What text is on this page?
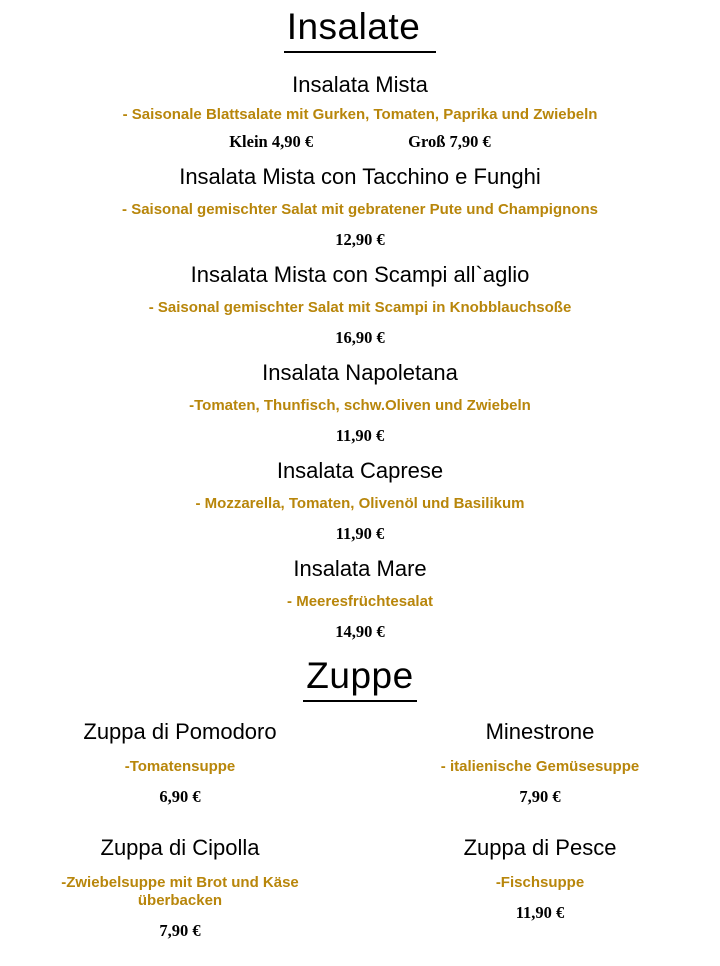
Insalate
Insalata Mista
- Saisonale Blattsalate mit Gurken, Tomaten, Paprika und Zwiebeln
Klein 4,90 €	Groß 7,90 €
Insalata Mista con Tacchino e Funghi
- Saisonal gemischter Salat mit gebratener Pute und Champignons
12,90 €
Insalata Mista con Scampi all`aglio
- Saisonal gemischter Salat mit Scampi in Knobblauchsoße
16,90 €
Insalata Napoletana
-Tomaten, Thunfisch, schw.Oliven und Zwiebeln
11,90 €
Insalata Caprese
- Mozzarella, Tomaten, Olivenöl und Basilikum
11,90 €
Insalata Mare
- Meeresfrüchtesalat
14,90 €
Zuppe
Zuppa di Pomodoro
-Tomatensuppe
6,90 €
Minestrone
- italienische Gemüsesuppe
7,90 €
Zuppa di Cipolla
-Zwiebelsuppe mit Brot und Käse überbacken
7,90 €
Zuppa di Pesce
-Fischsuppe
11,90 €
